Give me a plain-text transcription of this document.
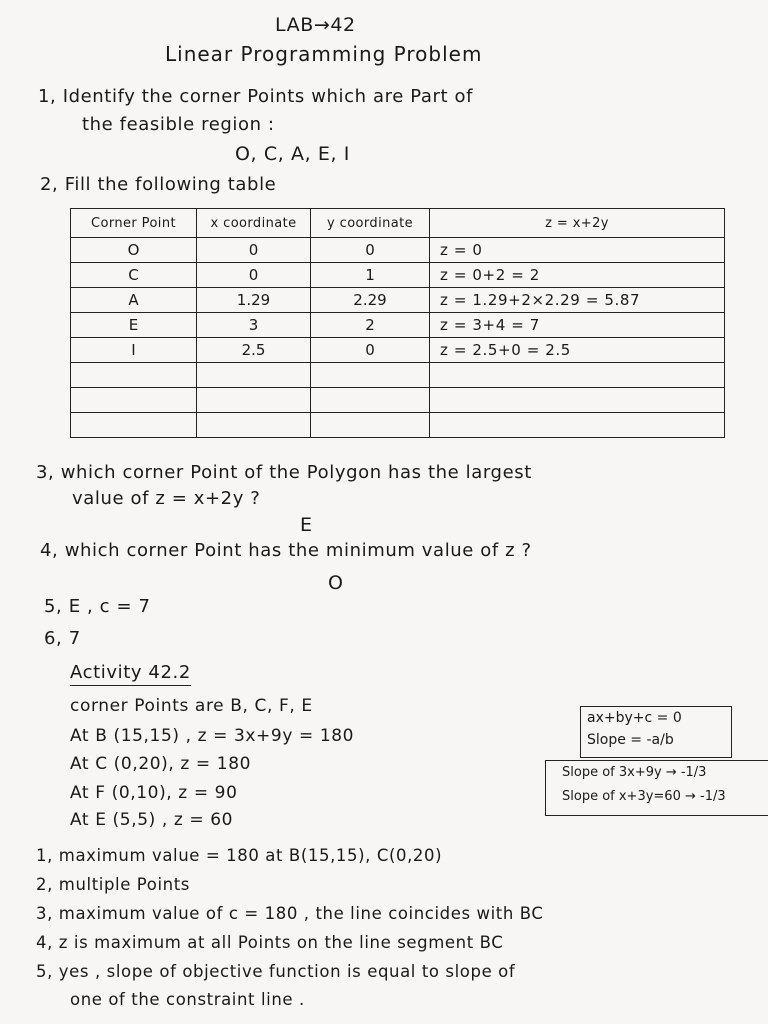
LAB→42
Linear Programming Problem
1, Identify the corner Points which are Part of
the feasible region :
O, C, A, E, I
2, Fill the following table
Corner Point	x coordinate	y coordinate	z = x+2y
O	0	0	z = 0
C	0	1	z = 0+2 = 2
A	1.29	2.29	z = 1.29+2×2.29 = 5.87
E	3	2	z = 3+4 = 7
I	2.5	0	z = 2.5+0 = 2.5

3, which corner Point of the Polygon has the largest
value of z = x+2y ?
E
4, which corner Point has the minimum value of z ?
O
5, E , c = 7
6, 7
Activity 42.2
corner Points are B, C, F, E
At B (15,15) , z = 3x+9y = 180
At C (0,20), z = 180
At F (0,10), z = 90
At E (5,5) , z = 60
ax+by+c = 0
Slope = -a/b
Slope of 3x+9y → -1/3
Slope of x+3y=60 → -1/3
1, maximum value = 180 at B(15,15), C(0,20)
2, multiple Points
3, maximum value of c = 180 , the line coincides with BC
4, z is maximum at all Points on the line segment BC
5, yes , slope of objective function is equal to slope of
one of the constraint line .
